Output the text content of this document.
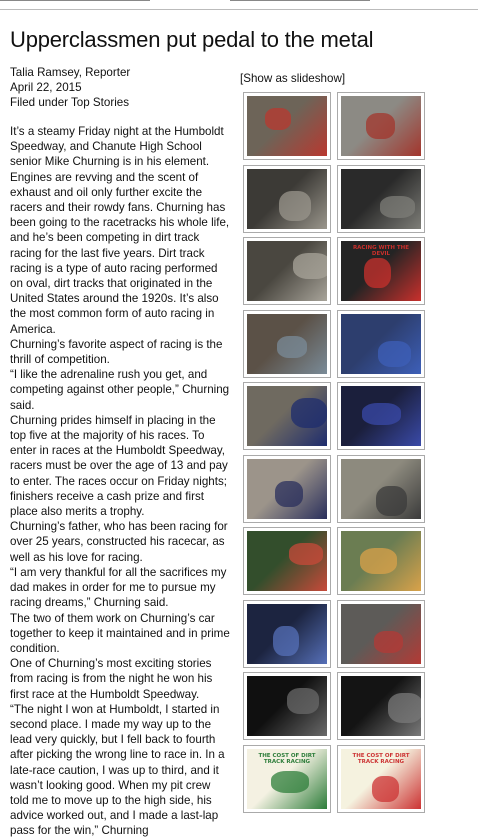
Upperclassmen put pedal to the metal
Talia Ramsey, Reporter
April 22, 2015
Filed under Top Stories

It’s a steamy Friday night at the Humboldt Speedway, and Chanute High School senior Mike Churning is in his element. Engines are revving and the scent of exhaust and oil only further excite the racers and their rowdy fans. Churning has been going to the racetracks his whole life, and he’s been competing in dirt track racing for the last five years. Dirt track racing is a type of auto racing performed on oval, dirt tracks that originated in the United States around the 1920s. It’s also the most common form of auto racing in America.

Churning’s favorite aspect of racing is the thrill of competition.

“I like the adrenaline rush you get, and competing against other people,” Churning said.

Churning prides himself in placing in the top five at the majority of his races. To enter in races at the Humboldt Speedway, racers must be over the age of 13 and pay to enter. The races occur on Friday nights; finishers receive a cash prize and first place also merits a trophy.

Churning’s father, who has been racing for over 25 years, constructed his racecar, as well as his love for racing.

“I am very thankful for all the sacrifices my dad makes in order for me to pursue my racing dreams,” Churning said.

The two of them work on Churning’s car together to keep it maintained and in prime condition.

One of Churning’s most exciting stories from racing is from the night he won his first race at the Humboldt Speedway.

“The night I won at Humboldt, I started in second place. I made my way up to the lead very quickly, but I fell back to fourth after picking the wrong line to race in. In a late-race caution, I was up to third, and it wasn’t looking good. When my pit crew told me to move up to the high side, his advice worked out, and I made a last-lap pass for the win,” Churning

[Show as slideshow]
RACING WITH THE DEVIL
THE COST OF DIRT TRACK RACING
THE COST OF DIRT TRACK RACING
